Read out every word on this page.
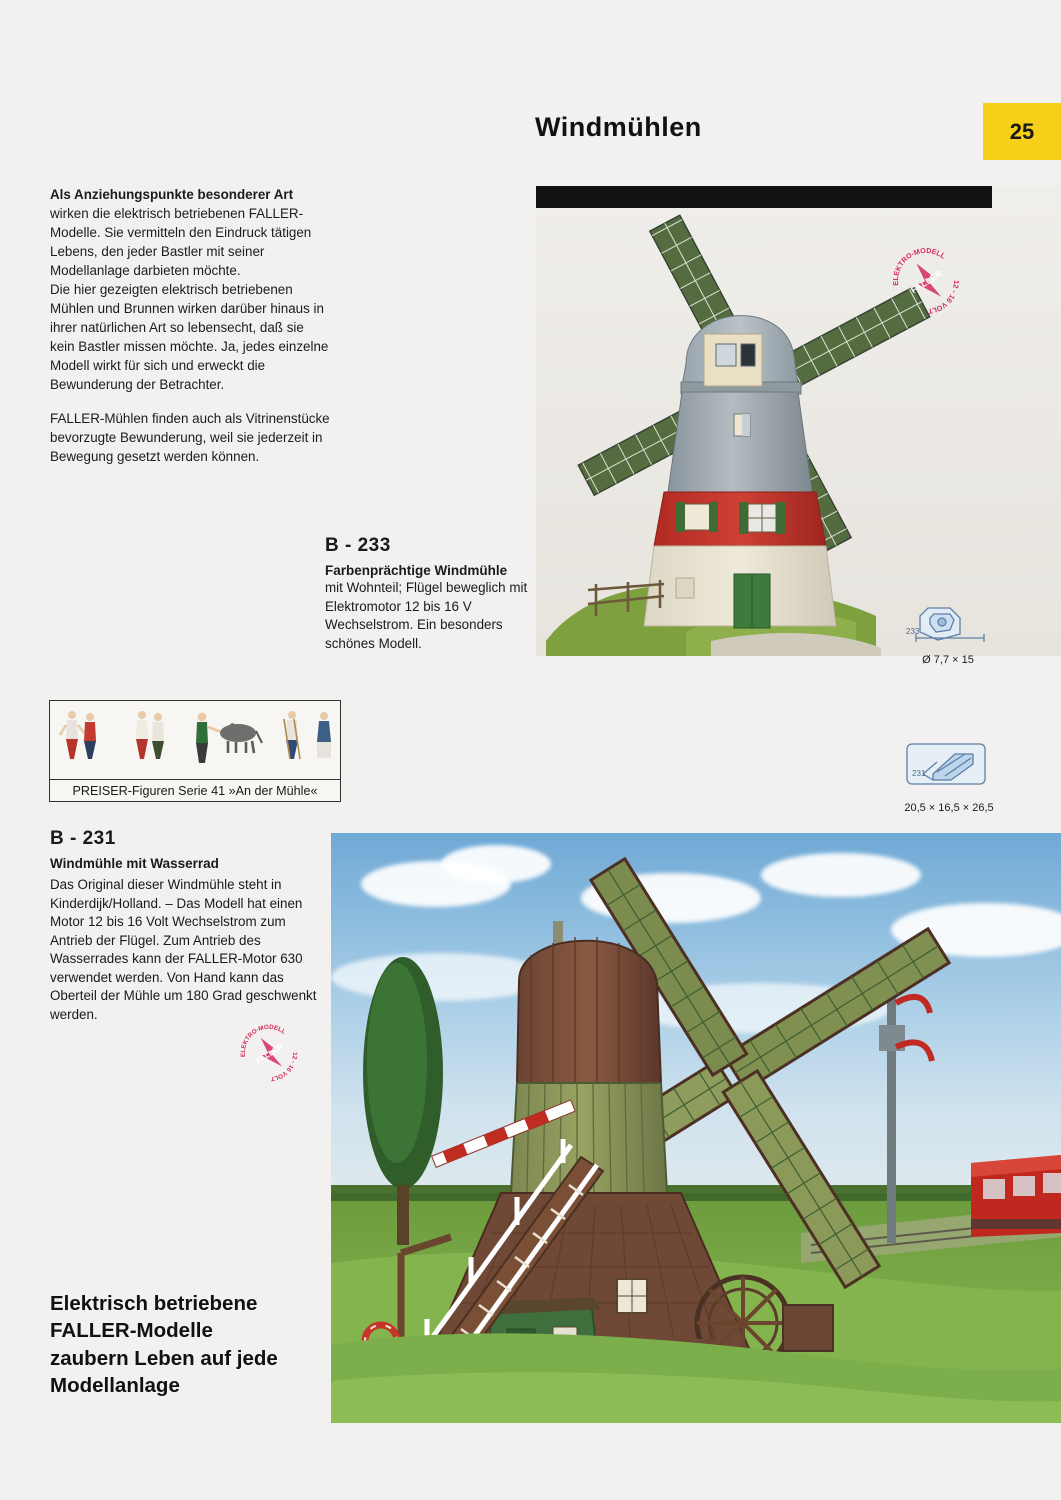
Windmühlen	25

Als Anziehungspunkte besonderer Art wirken die elektrisch betriebenen FALLER-Modelle. Sie vermitteln den Eindruck tätigen Lebens, den jeder Bastler mit seiner Modellanlage darbieten möchte.

Die hier gezeigten elektrisch betriebenen Mühlen und Brunnen wirken darüber hinaus in ihrer natürlichen Art so lebensecht, daß sie kein Bastler missen möchte. Ja, jedes einzelne Modell wirkt für sich und erweckt die Bewunderung der Betrachter.

FALLER-Mühlen finden auch als Vitrinenstücke bevorzugte Bewunderung, weil sie jederzeit in Bewegung gesetzt werden können.

ELEKTRO-MODELL
12 - 16 VOLT
FALLER
B - 233
Farbenprächtige Windmühle
mit Wohnteil; Flügel beweglich mit Elektromotor 12 bis 16 V Wechselstrom. Ein besonders schönes Modell.
233
Ø 7,7 × 15
231
20,5 × 16,5 × 26,5
PREISER-Figuren Serie 41 »An der Mühle«
B - 231
Windmühle mit Wasserrad
Das Original dieser Windmühle steht in Kinderdijk/Holland. – Das Modell hat einen Motor 12 bis 16 Volt Wechselstrom zum Antrieb der Flügel. Zum Antrieb des Wasserrades kann der FALLER-Motor 630 verwendet werden. Von Hand kann das Oberteil der Mühle um 180 Grad geschwenkt werden.
ELEKTRO-MODELL
12 - 16 VOLT
FALLER
Elektrisch betriebene
FALLER-Modelle
zaubern Leben auf jede
Modellanlage
